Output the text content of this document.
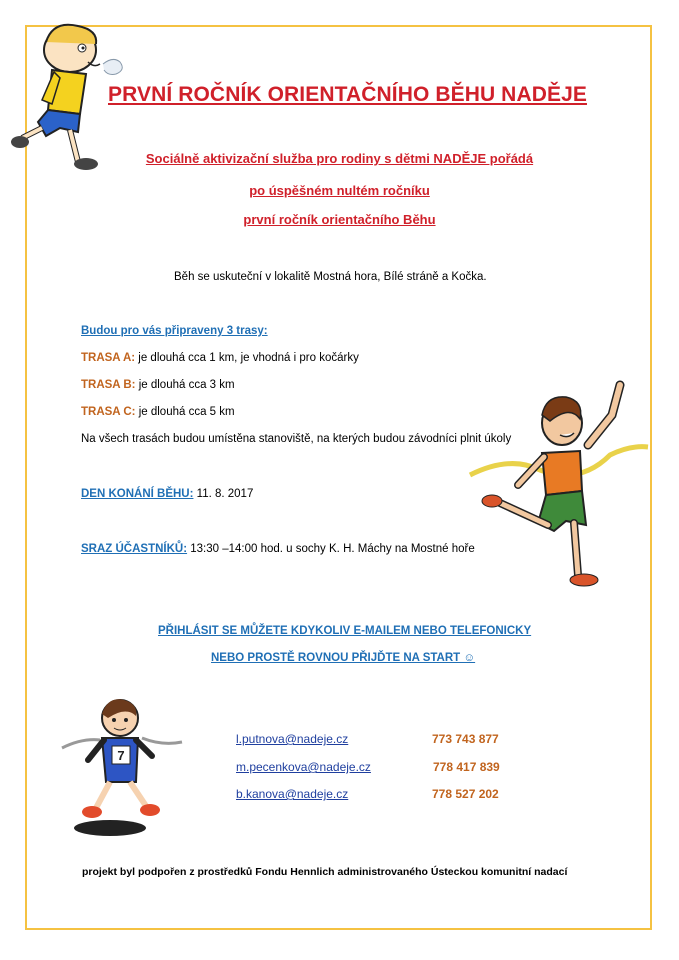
PRVNÍ ROČNÍK ORIENTAČNÍHO BĚHU NADĚJE
Sociálně aktivizační služba pro rodiny s dětmi NADĚJE pořádá
po úspěšném nultém ročníku
první ročník orientačního Běhu
Běh se uskuteční v lokalitě Mostná hora, Bílé stráně a Kočka.
Budou pro vás připraveny 3 trasy:
TRASA A: je dlouhá cca 1 km, je vhodná i pro kočárky
TRASA B: je dlouhá cca 3 km
TRASA C: je dlouhá cca 5 km
Na všech trasách budou umístěna stanoviště, na kterých budou závodníci plnit úkoly
DEN KONÁNÍ BĚHU: 11. 8. 2017
SRAZ ÚČASTNÍKŮ: 13:30 –14:00 hod. u sochy K. H. Máchy na Mostné hoře
PŘIHLÁSIT SE MŮŽETE KDYKOLIV E-MAILEM NEBO TELEFONICKY
NEBO PROSTĚ ROVNOU PŘIJĎTE NA START ☺
7
l.putnova@nadeje.cz	773 743 877
m.pecenkova@nadeje.cz	778 417 839
b.kanova@nadeje.cz	778 527 202
projekt byl podpořen z prostředků Fondu Hennlich administrovaného Ústeckou komunitní nadací
